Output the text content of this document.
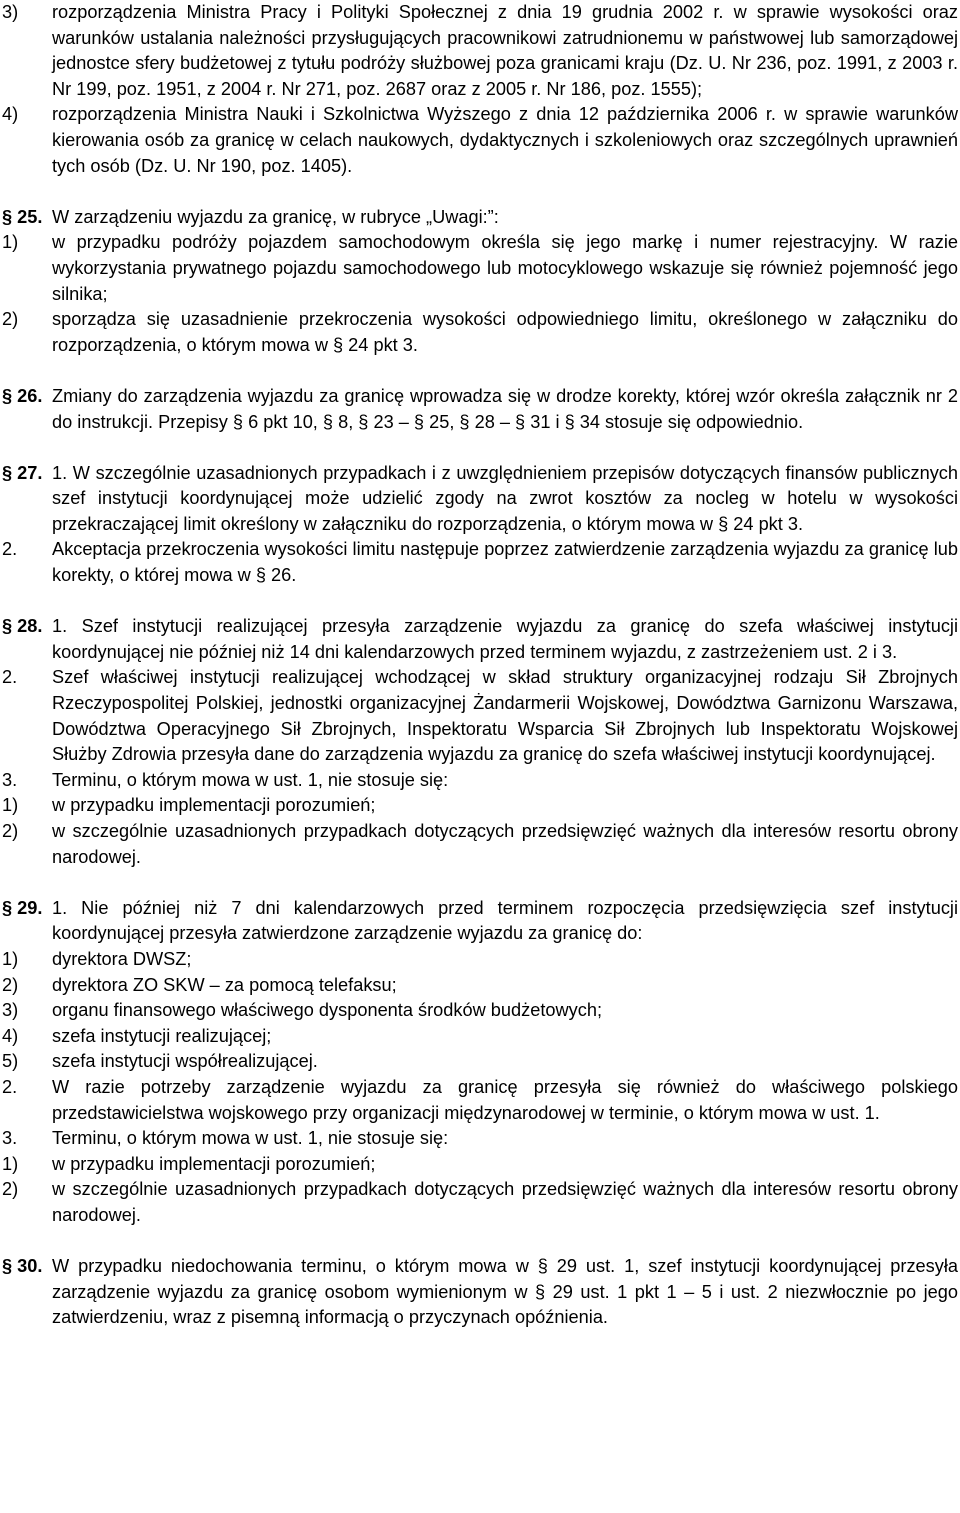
3)	rozporządzenia Ministra Pracy i Polityki Społecznej z dnia 19 grudnia 2002 r. w sprawie wysokości oraz warunków ustalania należności przysługujących pracownikowi zatrudnionemu w państwowej lub samorządowej jednostce sfery budżetowej z tytułu podróży służbowej poza granicami kraju (Dz. U. Nr 236, poz. 1991, z 2003 r. Nr 199, poz. 1951, z 2004 r. Nr 271, poz. 2687 oraz z 2005 r. Nr 186, poz. 1555);
4)	rozporządzenia Ministra Nauki i Szkolnictwa Wyższego z dnia 12 października 2006 r. w sprawie warunków kierowania osób za granicę w celach naukowych, dydaktycznych i szkoleniowych oraz szczególnych uprawnień tych osób (Dz. U. Nr 190, poz. 1405).
§ 25. W zarządzeniu wyjazdu za granicę, w rubryce „Uwagi:”:
1)	w przypadku podróży pojazdem samochodowym określa się jego markę i numer rejestracyjny. W razie wykorzystania prywatnego pojazdu samochodowego lub motocyklowego wskazuje się również pojemność jego silnika;
2)	sporządza się uzasadnienie przekroczenia wysokości odpowiedniego limitu, określonego w załączniku do rozporządzenia, o którym mowa w § 24 pkt 3.
§ 26. Zmiany do zarządzenia wyjazdu za granicę wprowadza się w drodze korekty, której wzór określa załącznik nr 2 do instrukcji. Przepisy § 6 pkt 10, § 8, § 23 – § 25, § 28 – § 31 i § 34 stosuje się odpowiednio.
§ 27. 1. W szczególnie uzasadnionych przypadkach i z uwzględnieniem przepisów dotyczących finansów publicznych szef instytucji koordynującej może udzielić zgody na zwrot kosztów za nocleg w hotelu w wysokości przekraczającej limit określony w załączniku do rozporządzenia, o którym mowa w § 24 pkt 3.
2.	Akceptacja przekroczenia wysokości limitu następuje poprzez zatwierdzenie zarządzenia wyjazdu za granicę lub korekty, o której mowa w § 26.
§ 28. 1. Szef instytucji realizującej przesyła zarządzenie wyjazdu za granicę do szefa właściwej instytucji koordynującej nie później niż 14 dni kalendarzowych przed terminem wyjazdu, z zastrzeżeniem ust. 2 i 3.
2.	Szef właściwej instytucji realizującej wchodzącej w skład struktury organizacyjnej rodzaju Sił Zbrojnych Rzeczypospolitej Polskiej, jednostki organizacyjnej Żandarmerii Wojskowej, Dowództwa Garnizonu Warszawa, Dowództwa Operacyjnego Sił Zbrojnych, Inspektoratu Wsparcia Sił Zbrojnych lub Inspektoratu Wojskowej Służby Zdrowia przesyła dane do zarządzenia wyjazdu za granicę do szefa właściwej instytucji koordynującej.
3.	Terminu, o którym mowa w ust. 1, nie stosuje się:
1)	w przypadku implementacji porozumień;
2)	w szczególnie uzasadnionych przypadkach dotyczących przedsięwzięć ważnych dla interesów resortu obrony narodowej.
§ 29. 1. Nie później niż 7 dni kalendarzowych przed terminem rozpoczęcia przedsięwzięcia szef instytucji koordynującej przesyła zatwierdzone zarządzenie wyjazdu za granicę do:
1)	dyrektora DWSZ;
2)	dyrektora ZO SKW – za pomocą telefaksu;
3)	organu finansowego właściwego dysponenta środków budżetowych;
4)	szefa instytucji realizującej;
5)	szefa instytucji współrealizującej.
2.	W razie potrzeby zarządzenie wyjazdu za granicę przesyła się również do właściwego polskiego przedstawicielstwa wojskowego przy organizacji międzynarodowej w terminie, o którym mowa w ust. 1.
3.	Terminu, o którym mowa w ust. 1, nie stosuje się:
1)	w przypadku implementacji porozumień;
2)	w szczególnie uzasadnionych przypadkach dotyczących przedsięwzięć ważnych dla interesów resortu obrony narodowej.
§ 30. W przypadku niedochowania terminu, o którym mowa w § 29 ust. 1, szef instytucji koordynującej przesyła zarządzenie wyjazdu za granicę osobom wymienionym w § 29 ust. 1 pkt 1 – 5 i ust. 2 niezwłocznie po jego zatwierdzeniu, wraz z pisemną informacją o przyczynach opóźnienia.
